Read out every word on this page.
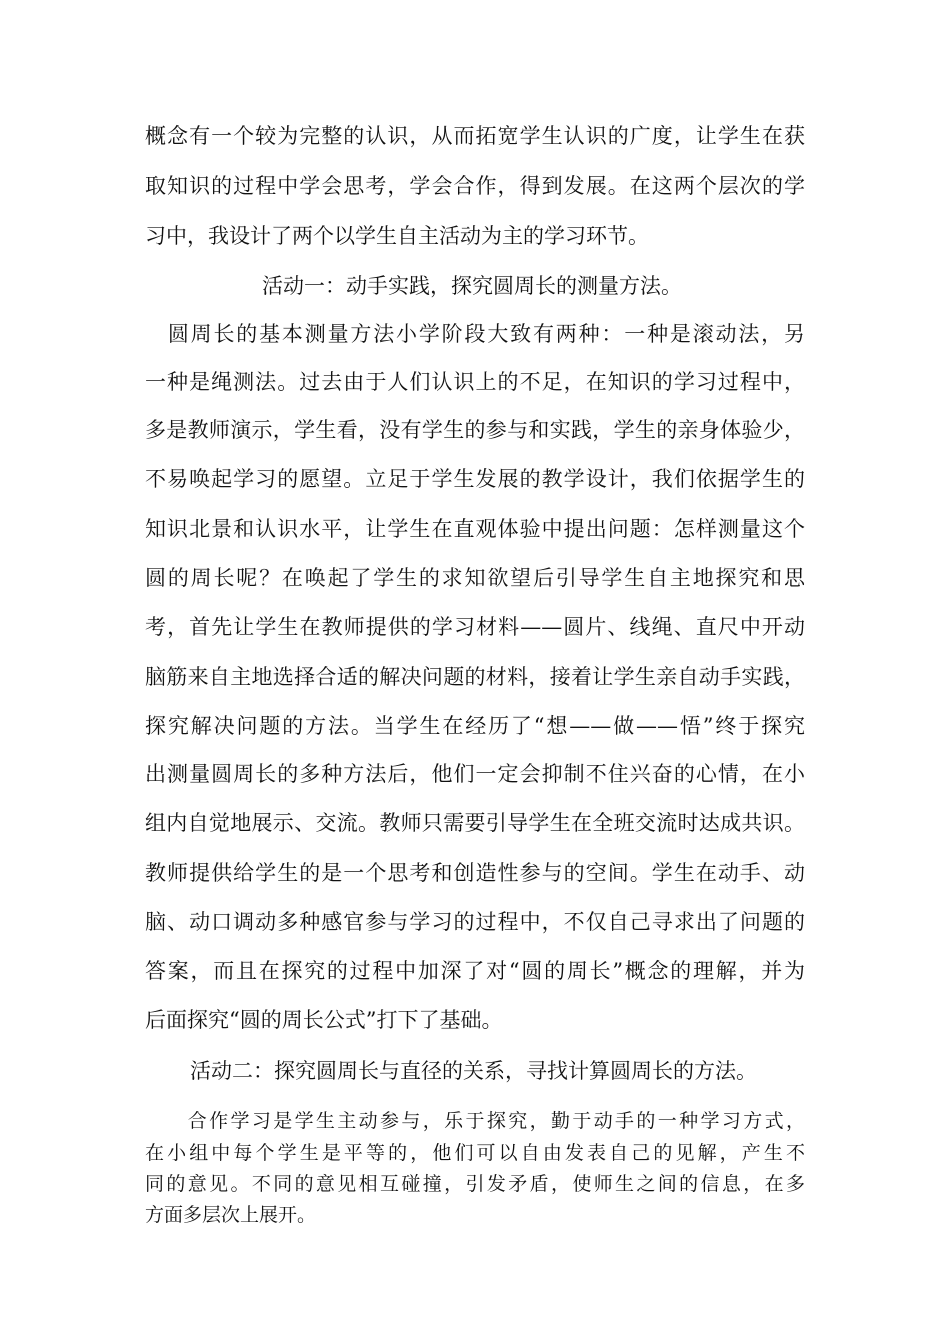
概念有一个较为完整的认识，从而拓宽学生认识的广度，让学生在获
取知识的过程中学会思考，学会合作，得到发展。在这两个层次的学
习中，我设计了两个以学生自主活动为主的学习环节。
活动一：动手实践，探究圆周长的测量方法。
　圆周长的基本测量方法小学阶段大致有两种：一种是滚动法，另
一种是绳测法。过去由于人们认识上的不足，在知识的学习过程中，
多是教师演示，学生看，没有学生的参与和实践，学生的亲身体验少，
不易唤起学习的愿望。立足于学生发展的教学设计，我们依据学生的
知识北景和认识水平，让学生在直观体验中提出问题：怎样测量这个
圆的周长呢？在唤起了学生的求知欲望后引导学生自主地探究和思
考，首先让学生在教师提供的学习材料——圆片、线绳、直尺中开动
脑筋来自主地选择合适的解决问题的材料，接着让学生亲自动手实践，
探究解决问题的方法。当学生在经历了“想——做——悟”终于探究
出测量圆周长的多种方法后，他们一定会抑制不住兴奋的心情，在小
组内自觉地展示、交流。教师只需要引导学生在全班交流时达成共识。
教师提供给学生的是一个思考和创造性参与的空间。学生在动手、动
脑、动口调动多种感官参与学习的过程中，不仅自己寻求出了问题的
答案，而且在探究的过程中加深了对“圆的周长”概念的理解，并为
后面探究“圆的周长公式”打下了基础。
活动二：探究圆周长与直径的关系，寻找计算圆周长的方法。
　　合作学习是学生主动参与，乐于探究，勤于动手的一种学习方式，
在小组中每个学生是平等的，他们可以自由发表自己的见解，产生不
同的意见。不同的意见相互碰撞，引发矛盾，使师生之间的信息，在多
方面多层次上展开。
